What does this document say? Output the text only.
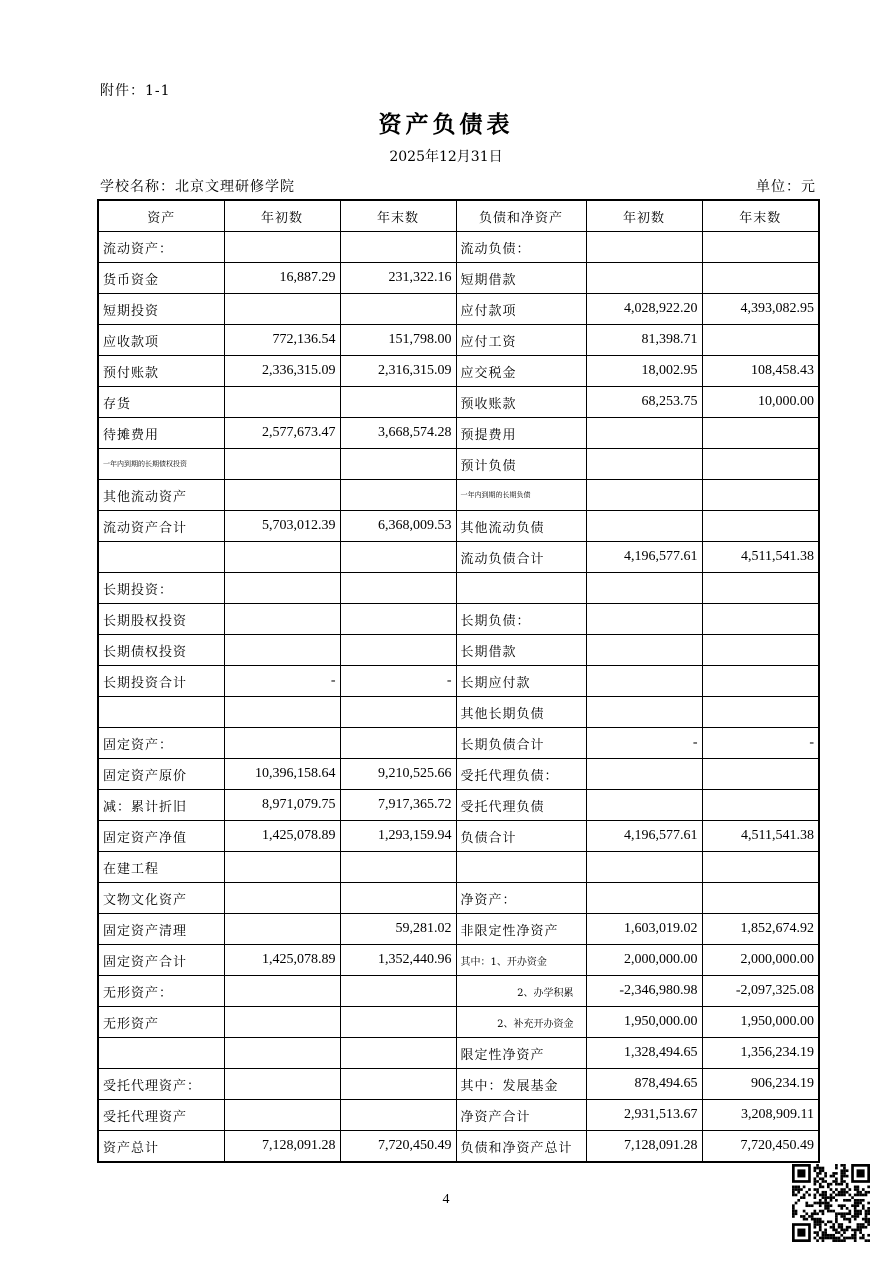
附件：1-1
资产负债表
2025年12月31日
学校名称：北京文理研修学院	单位：元
资产	年初数	年末数	负债和净资产	年初数	年末数
流动资产：			流动负债：		
货币资金	16,887.29	231,322.16	短期借款		
短期投资			应付款项	4,028,922.20	4,393,082.95
应收款项	772,136.54	151,798.00	应付工资	81,398.71	
预付账款	2,336,315.09	2,316,315.09	应交税金	18,002.95	108,458.43
存货			预收账款	68,253.75	10,000.00
待摊费用	2,577,673.47	3,668,574.28	预提费用		
一年内到期的长期债权投资			预计负债		
其他流动资产			一年内到期的长期负债		
流动资产合计	5,703,012.39	6,368,009.53	其他流动负债		
			流动负债合计	4,196,577.61	4,511,541.38
长期投资：					
长期股权投资			长期负债：		
长期债权投资			长期借款		
长期投资合计	-	-	长期应付款		
			其他长期负债		
固定资产：			长期负债合计	-	-
固定资产原价	10,396,158.64	9,210,525.66	受托代理负债：		
减：累计折旧	8,971,079.75	7,917,365.72	受托代理负债		
固定资产净值	1,425,078.89	1,293,159.94	负债合计	4,196,577.61	4,511,541.38
在建工程					
文物文化资产			净资产：		
固定资产清理		59,281.02	非限定性净资产	1,603,019.02	1,852,674.92
固定资产合计	1,425,078.89	1,352,440.96	其中：1、开办资金	2,000,000.00	2,000,000.00
无形资产：			2、办学积累	-2,346,980.98	-2,097,325.08
无形资产			2、补充开办资金	1,950,000.00	1,950,000.00
			限定性净资产	1,328,494.65	1,356,234.19
受托代理资产：			其中：发展基金	878,494.65	906,234.19
受托代理资产			净资产合计	2,931,513.67	3,208,909.11
资产总计	7,128,091.28	7,720,450.49	负债和净资产总计	7,128,091.28	7,720,450.49
4
